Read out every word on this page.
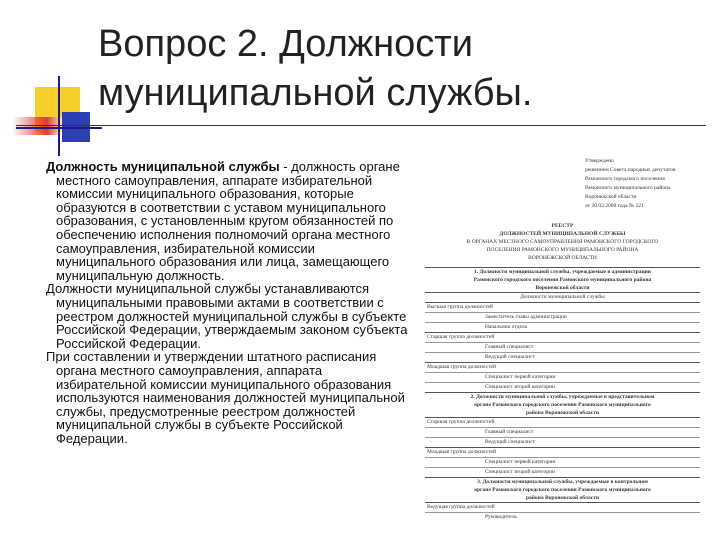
Вопрос 2. Должности
муниципальной службы.

Должность муниципальной службы - должность органе местного самоуправления, аппарате избирательной комиссии муниципального образования, которые образуются в соответствии с уставом муниципального образования, с установленным кругом обязанностей по обеспечению исполнения полномочий органа местного самоуправления, избирательной комиссии муниципального образования или лица, замещающего муниципальную должность.

Должности муниципальной службы устанавливаются муниципальными правовыми актами в соответствии с реестром должностей муниципальной службы в субъекте Российской Федерации, утверждаемым законом субъекта Российской Федерации.

При составлении и утверждении штатного расписания органа местного самоуправления, аппарата избирательной комиссии муниципального образования используются наименования должностей муниципальной службы, предусмотренные реестром должностей муниципальной службы в субъекте Российской Федерации.

Утверждено
решением Совета народных депутатов
Рамонского городского поселения
Рамонского муниципального района
Воронежской области
от 20.03.2008 года № 221
РЕЕСТР
ДОЛЖНОСТЕЙ МУНИЦИПАЛЬНОЙ СЛУЖБЫ
В ОРГАНАХ МЕСТНОГО САМОУПРАВЛЕНИЯ РАМОНСКОГО ГОРОДСКОГО
ПОСЕЛЕНИЯ РАМОНСКОГО МУНИЦИПАЛЬНОГО РАЙОНА
ВОРОНЕЖСКОЙ ОБЛАСТИ
1. Должности муниципальной службы, учреждаемые в администрации
Рамонского городского поселения Рамонского муниципального района
Воронежской области
Должности муниципальной службы
Высшая группа должностей
Заместитель главы администрации
Начальник отдела
Старшая группа должностей
Главный специалист
Ведущий специалист
Младшая группа должностей
Специалист первой категории
Специалист второй категории
2. Должности муниципальной службы, учреждаемые в представительном
органе Рамонского городского поселения Рамонского муниципального
района Воронежской области
Старшая группа должностей
Главный специалист
Ведущий специалист
Младшая группа должностей
Специалист первой категории
Специалист второй категории
3. Должности муниципальной службы, учреждаемые в контрольном
органе Рамонского городского поселения Рамонского муниципального
района Воронежской области
Ведущая группа должностей
Руководитель
